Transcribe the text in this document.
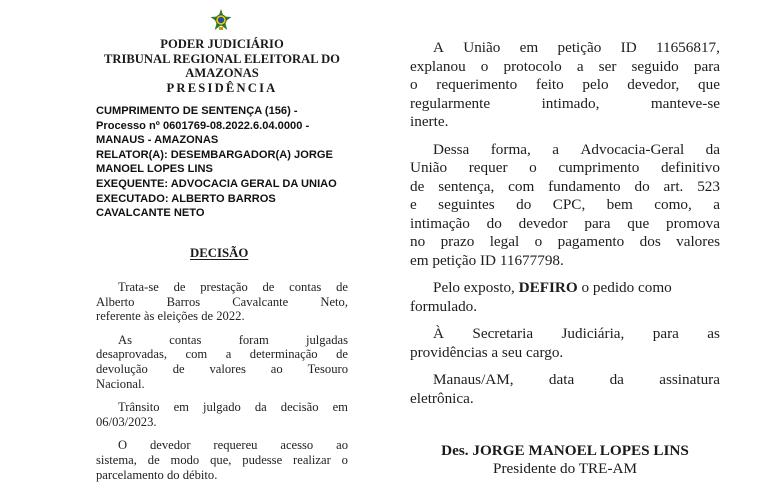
PODER JUDICIÁRIO
TRIBUNAL REGIONAL ELEITORAL DO
AMAZONAS
PRESIDÊNCIA
CUMPRIMENTO DE SENTENÇA (156) -
Processo nº 0601769-08.2022.6.04.0000 -
MANAUS - AMAZONAS
RELATOR(A): DESEMBARGADOR(A) JORGE
MANOEL LOPES LINS
EXEQUENTE: ADVOCACIA GERAL DA UNIAO
EXECUTADO: ALBERTO BARROS
CAVALCANTE NETO
DECISÃO

Trata-se de prestação de contas de
Alberto	Barros	Cavalcante	Neto,
referente às eleições de 2022.

As	contas	foram	julgadas
desaprovadas, com a determinação de
devolução de valores ao Tesouro
Nacional.

Trânsito em julgado da decisão em
06/03/2023.

O devedor requereu acesso ao
sistema, de modo que, pudesse realizar o
parcelamento do débito.

A União em petição ID 11656817,
explanou o protocolo a ser seguido para
o requerimento feito pelo devedor, que
regularmente	intimado,	manteve-se
inerte.

Dessa forma, a Advocacia-Geral da
União requer o cumprimento definitivo
de sentença, com fundamento do art. 523
e seguintes do CPC, bem como, a
intimação do devedor para que promova
no prazo legal o pagamento dos valores
em petição ID 11677798.

Pelo exposto,
DEFIRO
o pedido como
formulado.

À Secretaria Judiciária, para as
providências a seu cargo.

Manaus/AM, data da assinatura
eletrônica.

Des. JORGE MANOEL LOPES LINS
Presidente do TRE-AM
